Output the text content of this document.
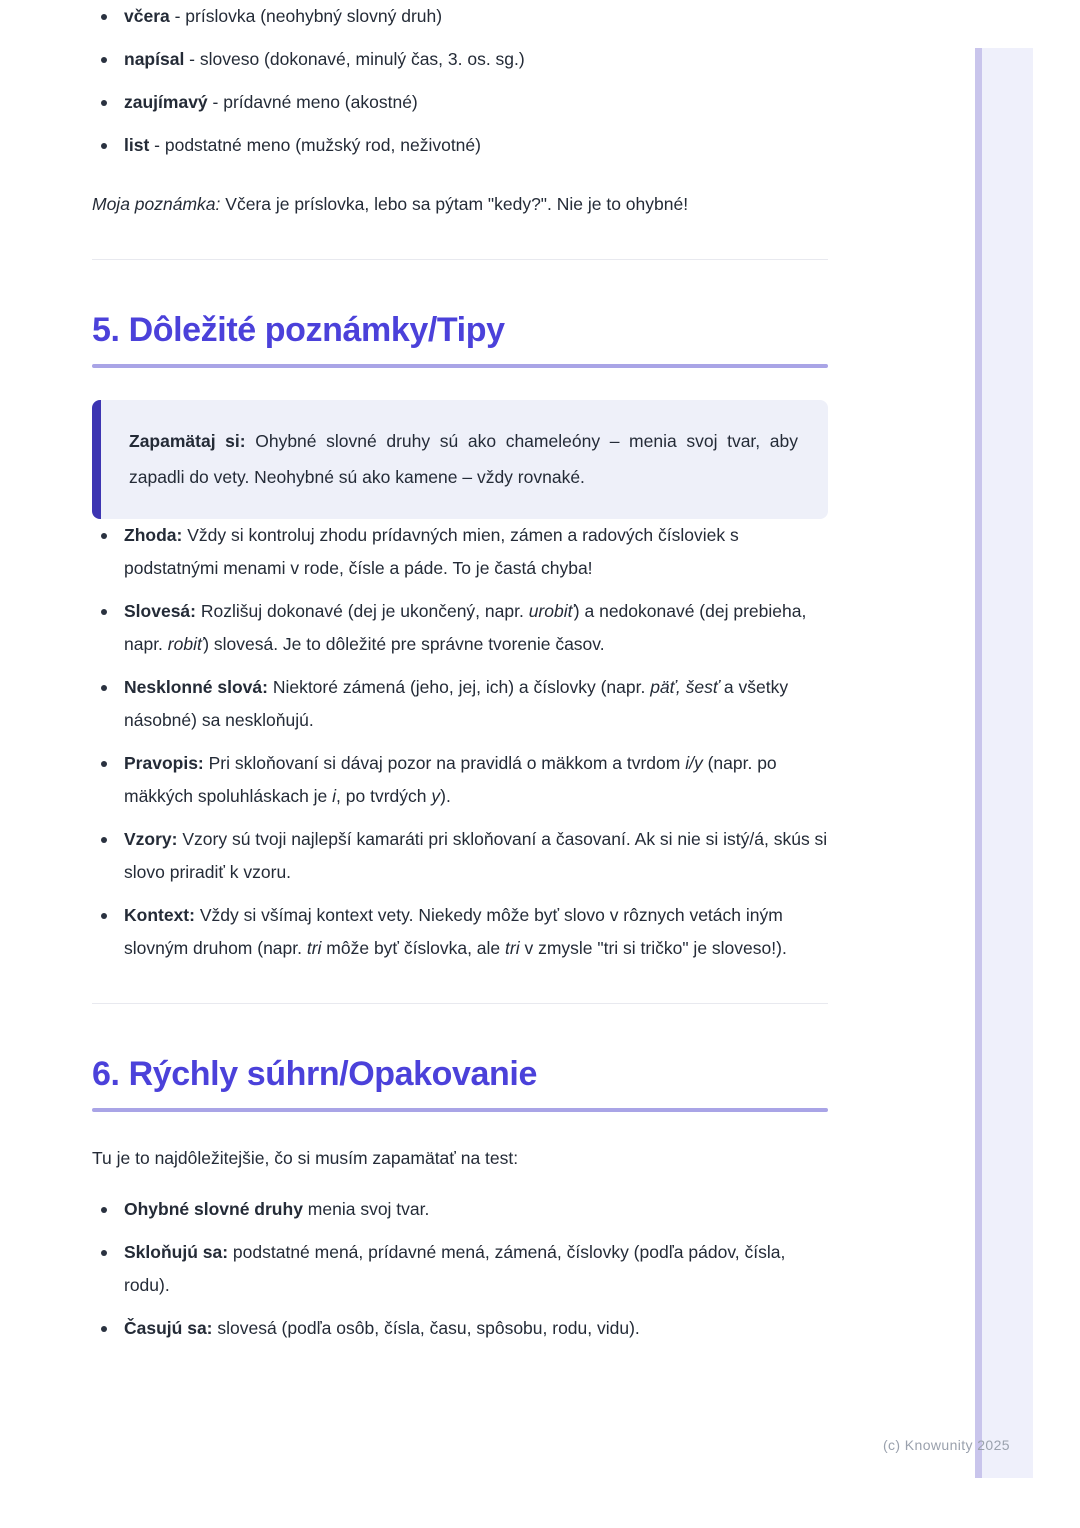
včera - príslovka (neohybný slovný druh)
napísal - sloveso (dokonavé, minulý čas, 3. os. sg.)
zaujímavý - prídavné meno (akostné)
list - podstatné meno (mužský rod, neživotné)

Moja poznámka: Včera je príslovka, lebo sa pýtam "kedy?". Nie je to ohybné!

5. Dôležité poznámky/Tipy
Zapamätaj si: Ohybné slovné druhy sú ako chameleóny – menia svoj tvar, aby zapadli do vety. Neohybné sú ako kamene – vždy rovnaké.
Zhoda: Vždy si kontroluj zhodu prídavných mien, zámen a radových čísloviek s podstatnými menami v rode, čísle a páde. To je častá chyba!
Slovesá: Rozlišuj dokonavé (dej je ukončený, napr. urobiť) a nedokonavé (dej prebieha, napr. robiť) slovesá. Je to dôležité pre správne tvorenie časov.
Nesklonné slová: Niektoré zámená (jeho, jej, ich) a číslovky (napr. päť, šesť a všetky násobné) sa neskloňujú.
Pravopis: Pri skloňovaní si dávaj pozor na pravidlá o mäkkom a tvrdom i/y (napr. po mäkkých spoluhláskach je i, po tvrdých y).
Vzory: Vzory sú tvoji najlepší kamaráti pri skloňovaní a časovaní. Ak si nie si istý/á, skús si slovo priradiť k vzoru.
Kontext: Vždy si všímaj kontext vety. Niekedy môže byť slovo v rôznych vetách iným slovným druhom (napr. tri môže byť číslovka, ale tri v zmysle "tri si tričko" je sloveso!).
6. Rýchly súhrn/Opakovanie

Tu je to najdôležitejšie, čo si musím zapamätať na test:

Ohybné slovné druhy menia svoj tvar.
Skloňujú sa: podstatné mená, prídavné mená, zámená, číslovky (podľa pádov, čísla, rodu).
Časujú sa: slovesá (podľa osôb, čísla, času, spôsobu, rodu, vidu).
(c) Knowunity 2025
